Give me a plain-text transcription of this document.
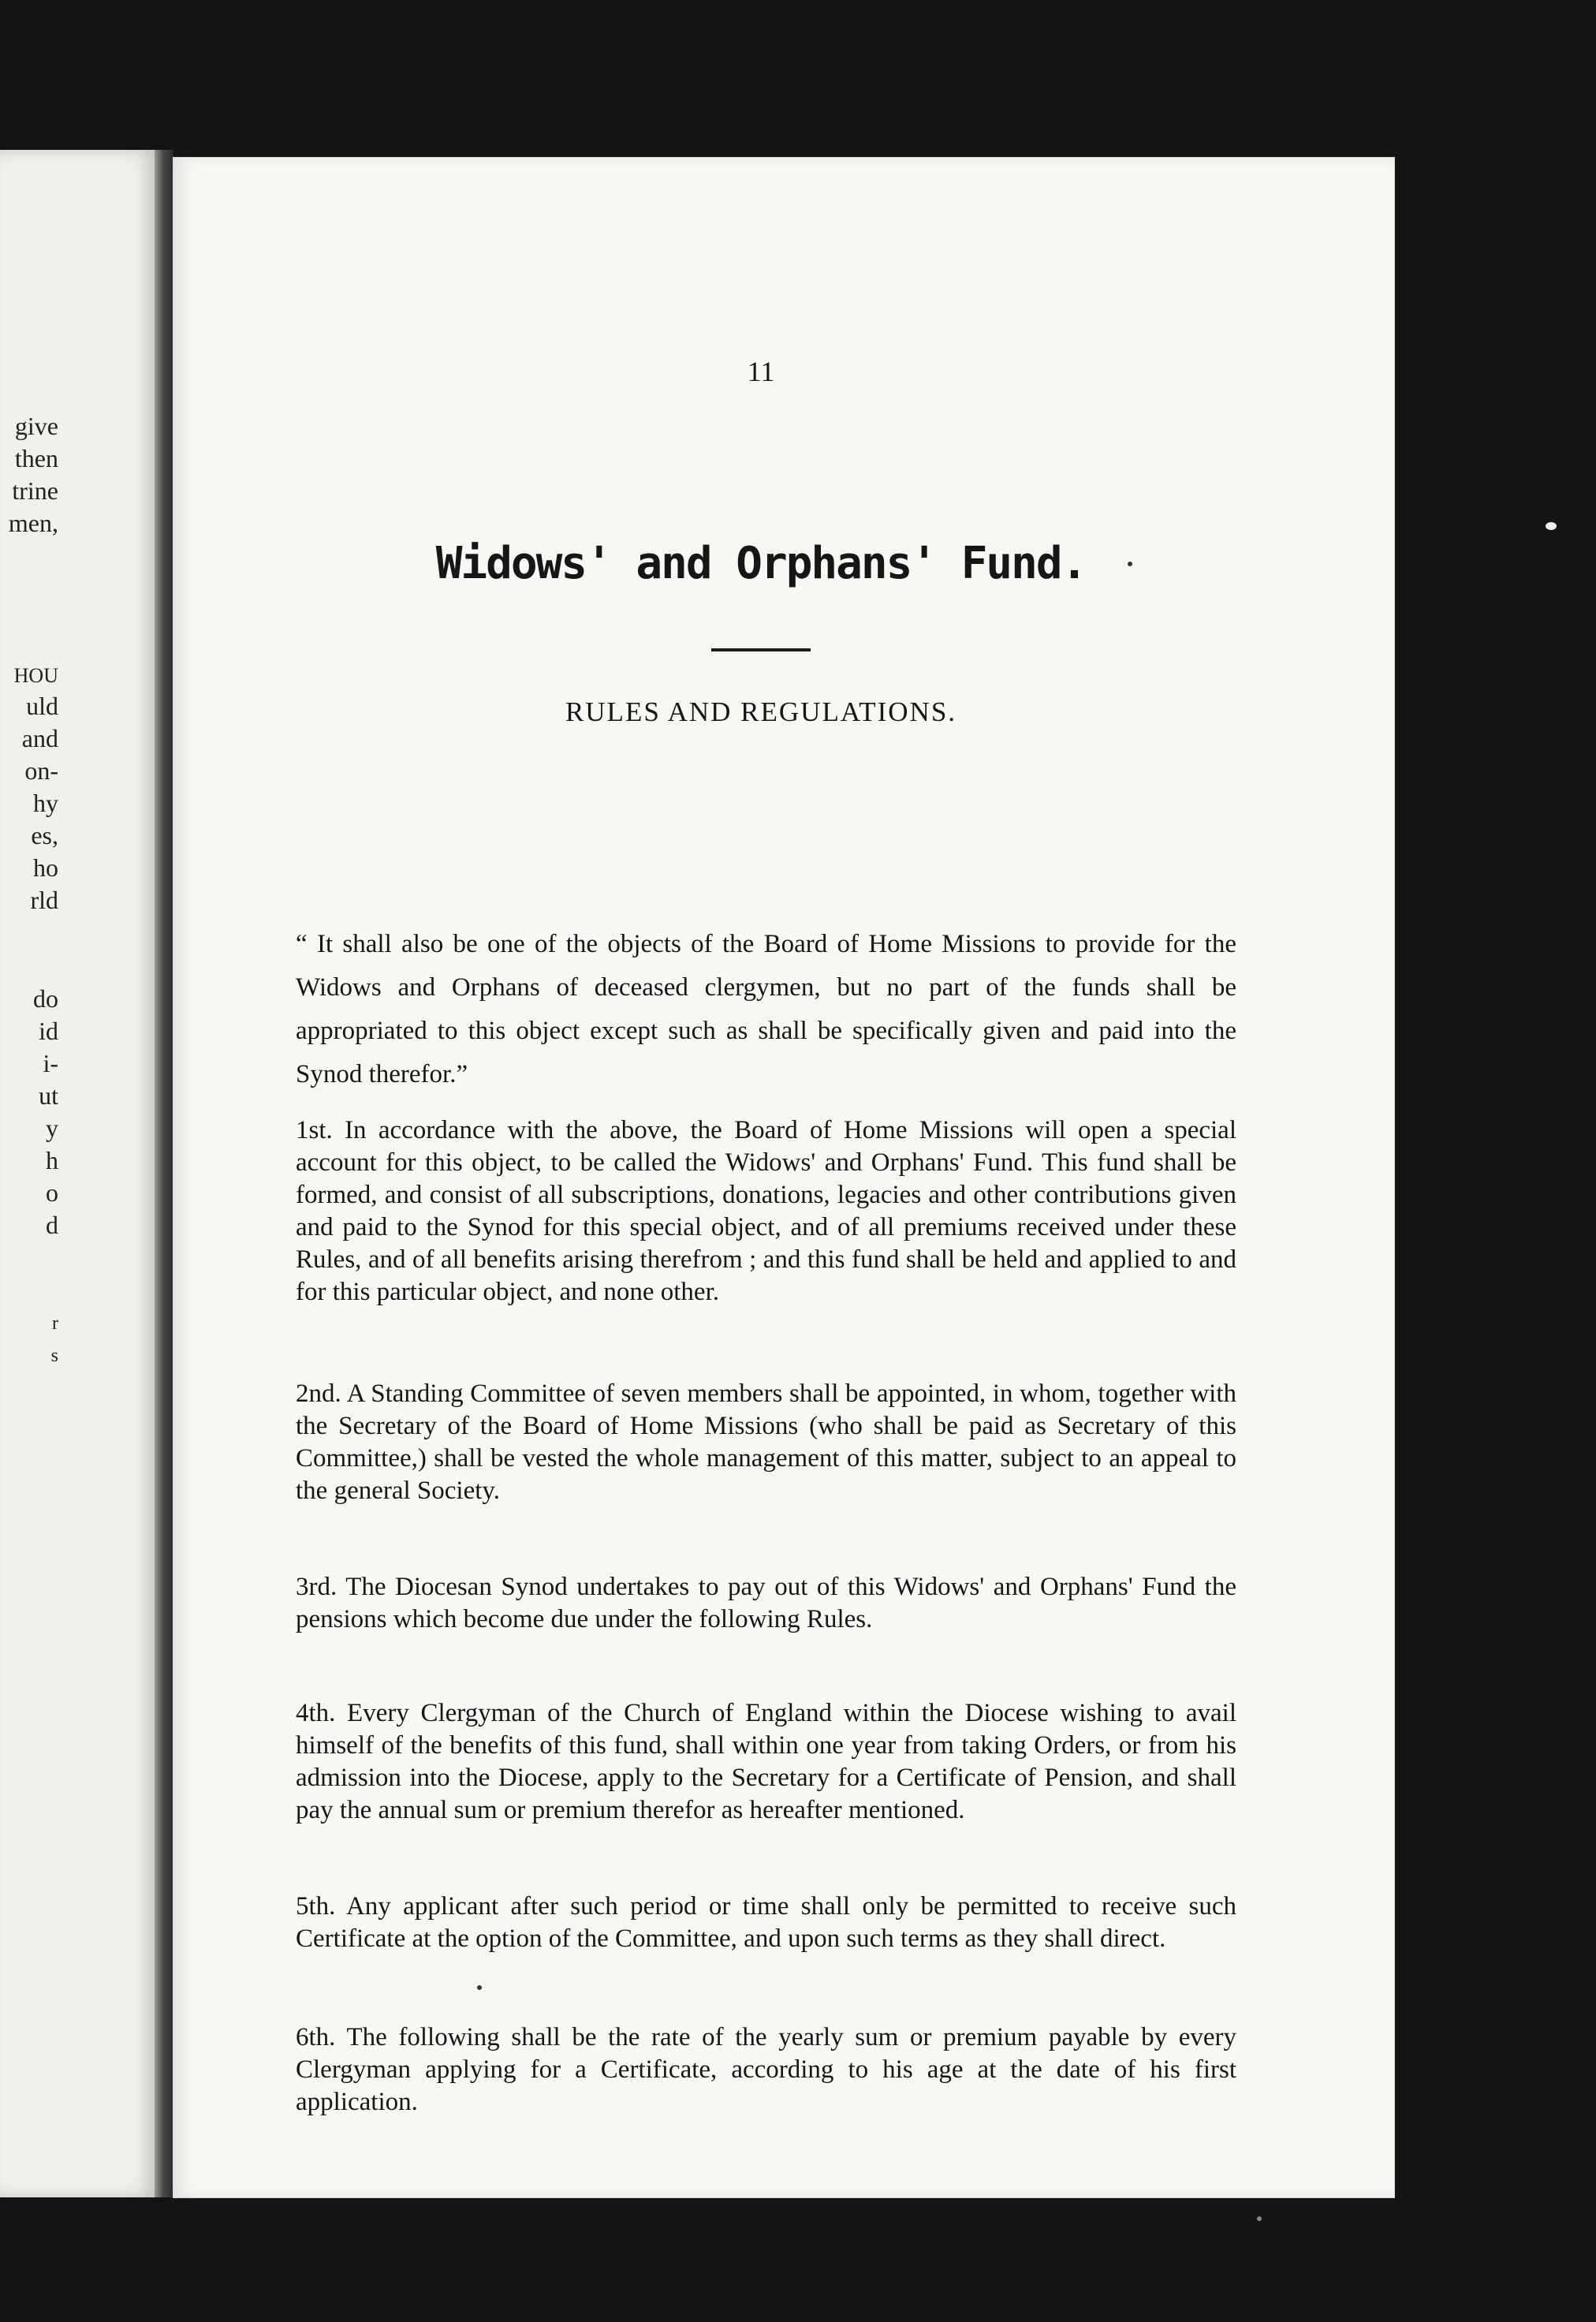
give
then
trine
men,
HOU
uld
and
on-
hy
es,
ho
rld
do
id
i-
ut
y
h
o
d
r
s
11
Widows' and Orphans' Fund.
RULES AND REGULATIONS.

“ It shall also be one of the objects of the Board of Home Missions to provide for the Widows and Orphans of deceased clergymen, but no part of the funds shall be appropriated to this object except such as shall be specifically given and paid into the Synod therefor.”

1st. In accordance with the above, the Board of Home Missions will open a special account for this object, to be called the Widows' and Orphans' Fund. This fund shall be formed, and consist of all subscriptions, donations, legacies and other contributions given and paid to the Synod for this special object, and of all premiums received under these Rules, and of all benefits arising therefrom ; and this fund shall be held and applied to and for this particular object, and none other.

2nd. A Standing Committee of seven members shall be appointed, in whom, together with the Secretary of the Board of Home Missions (who shall be paid as Secretary of this Committee,) shall be vested the whole management of this matter, subject to an appeal to the general Society.

3rd. The Diocesan Synod undertakes to pay out of this Widows' and Orphans' Fund the pensions which become due under the following Rules.

4th. Every Clergyman of the Church of England within the Diocese wishing to avail himself of the benefits of this fund, shall within one year from taking Orders, or from his admission into the Diocese, apply to the Secretary for a Certificate of Pension, and shall pay the annual sum or premium therefor as hereafter mentioned.

5th. Any applicant after such period or time shall only be permitted to receive such Certificate at the option of the Committee, and upon such terms as they shall direct.

6th. The following shall be the rate of the yearly sum or premium payable by every Clergyman applying for a Certificate, according to his age at the date of his first application.
